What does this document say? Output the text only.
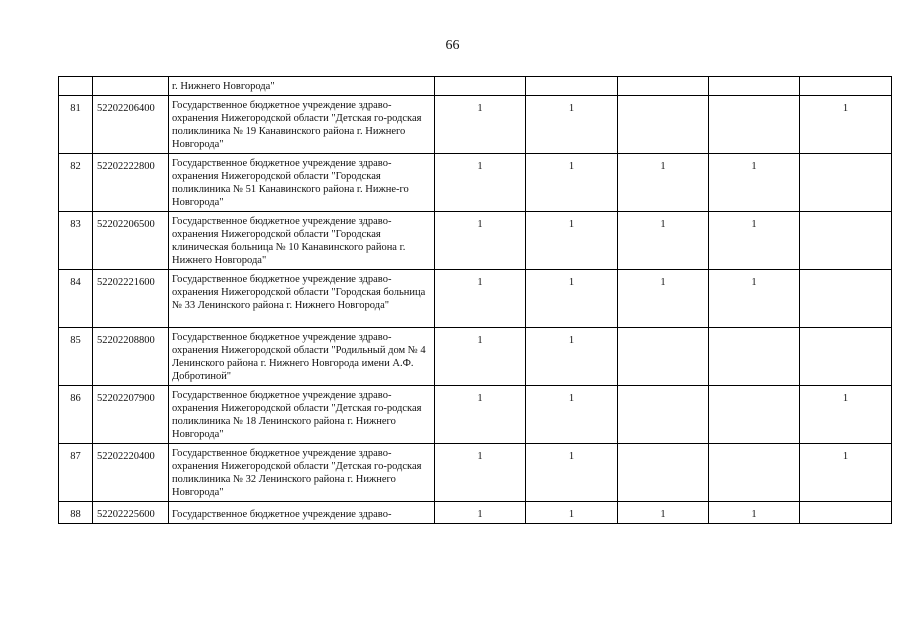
66
		г. Нижнего Новгорода"					
81	52202206400	Государственное бюджетное учреждение здраво-охранения Нижегородской области "Детская го-родская поликлиника № 19 Канавинского района г. Нижнего Новгорода"	1	1			1
82	52202222800	Государственное бюджетное учреждение здраво-охранения Нижегородской области "Городская поликлиника № 51 Канавинского района г. Нижне-го Новгорода"	1	1	1	1	
83	52202206500	Государственное бюджетное учреждение здраво-охранения Нижегородской области "Городская клиническая больница № 10 Канавинского района г. Нижнего Новгорода"	1	1	1	1	
84	52202221600	Государственное бюджетное учреждение здраво-охранения Нижегородской области "Городская больница № 33 Ленинского района г. Нижнего Новгорода"	1	1	1	1	
85	52202208800	Государственное бюджетное учреждение здраво-охранения Нижегородской области "Родильный дом № 4 Ленинского района г. Нижнего Новгорода имени А.Ф. Добротиной"	1	1			
86	52202207900	Государственное бюджетное учреждение здраво-охранения Нижегородской области "Детская го-родская поликлиника № 18 Ленинского района г. Нижнего Новгорода"	1	1			1
87	52202220400	Государственное бюджетное учреждение здраво-охранения Нижегородской области "Детская го-родская поликлиника № 32 Ленинского района г. Нижнего Новгорода"	1	1			1
88	52202225600	Государственное бюджетное учреждение здраво-	1	1	1	1	
